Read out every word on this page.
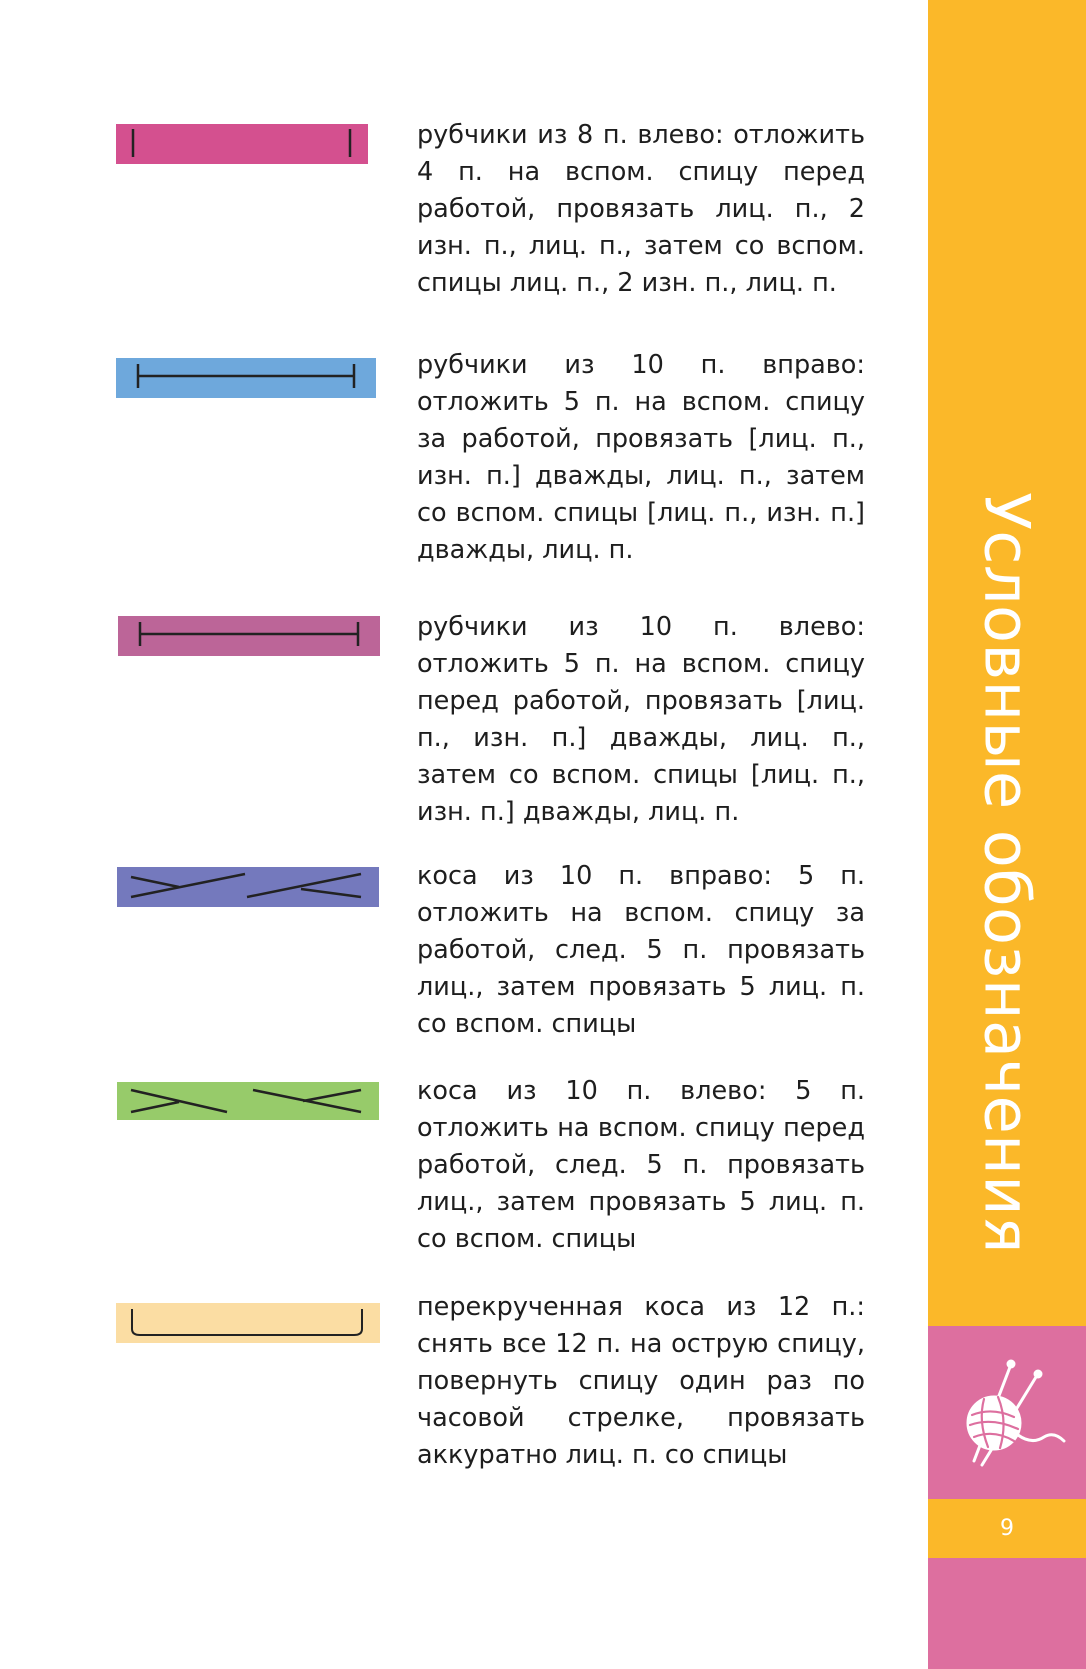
рубчики из 8 п. влево: отложить 4 п. на вспом. спицу перед работой, провязать лиц. п., 2 изн. п., лиц. п., затем со вспом. спицы лиц. п., 2 изн. п., лиц. п.

рубчики из 10 п. вправо: отложить 5 п. на вспом. спицу за работой, провязать [лиц. п., изн. п.] дважды, лиц. п., затем со вспом. спицы [лиц. п., изн. п.] дважды, лиц. п.

рубчики из 10 п. влево: отложить 5 п. на вспом. спицу перед работой, провязать [лиц. п., изн. п.] дважды, лиц. п., затем со вспом. спицы [лиц. п., изн. п.] дважды, лиц. п.

коса из 10 п. вправо: 5 п. отложить на вспом. спицу за работой, след. 5 п. провязать лиц., затем провязать 5 лиц. п. со вспом. спицы

коса из 10 п. влево: 5 п. отложить на вспом. спицу перед работой, след. 5 п. провязать лиц., затем провязать 5 лиц. п. со вспом. спицы

перекрученная коса из 12 п.: снять все 12 п. на острую спицу, повернуть спицу один раз по часовой стрелке, провязать аккуратно лиц. п. со спицы

Условные обозначения
9
